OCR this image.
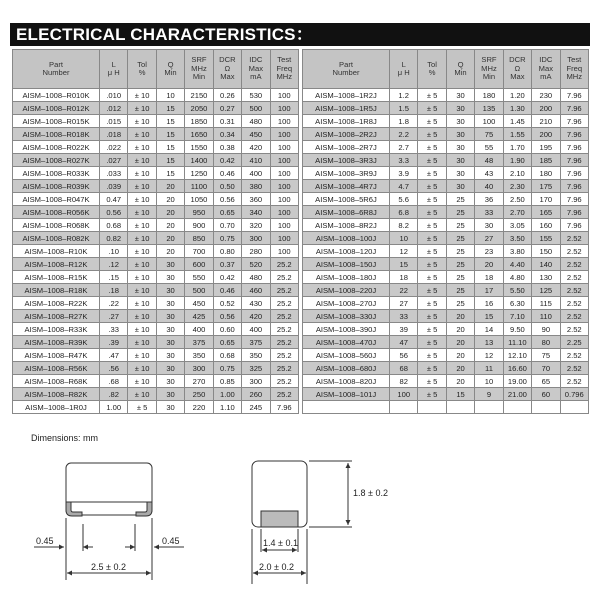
ELECTRICAL CHARACTERISTICS：
Part
Number	L
μ H	Tol
%	Q
Min	SRF
MHz
Min	DCR
Ω
Max	IDC
Max
mA	Test
Freq
MHz
AISM–1008–R010K	.010	± 10	10	2150	0.26	530	100
AISM–1008–R012K	.012	± 10	15	2050	0.27	500	100
AISM–1008–R015K	.015	± 10	15	1850	0.31	480	100
AISM–1008–R018K	.018	± 10	15	1650	0.34	450	100
AISM–1008–R022K	.022	± 10	15	1550	0.38	420	100
AISM–1008–R027K	.027	± 10	15	1400	0.42	410	100
AISM–1008–R033K	.033	± 10	15	1250	0.46	400	100
AISM–1008–R039K	.039	± 10	20	1100	0.50	380	100
AISM–1008–R047K	0.47	± 10	20	1050	0.56	360	100
AISM–1008–R056K	0.56	± 10	20	950	0.65	340	100
AISM–1008–R068K	0.68	± 10	20	900	0.70	320	100
AISM–1008–R082K	0.82	± 10	20	850	0.75	300	100
AISM–1008–R10K	.10	± 10	20	700	0.80	280	100
AISM–1008–R12K	.12	± 10	30	600	0.37	520	25.2
AISM–1008–R15K	.15	± 10	30	550	0.42	480	25.2
AISM–1008–R18K	.18	± 10	30	500	0.46	460	25.2
AISM–1008–R22K	.22	± 10	30	450	0.52	430	25.2
AISM–1008–R27K	.27	± 10	30	425	0.56	420	25.2
AISM–1008–R33K	.33	± 10	30	400	0.60	400	25.2
AISM–1008–R39K	.39	± 10	30	375	0.65	375	25.2
AISM–1008–R47K	.47	± 10	30	350	0.68	350	25.2
AISM–1008–R56K	.56	± 10	30	300	0.75	325	25.2
AISM–1008–R68K	.68	± 10	30	270	0.85	300	25.2
AISM–1008–R82K	.82	± 10	30	250	1.00	260	25.2
AISM–1008–1R0J	1.00	± 5	30	220	1.10	245	7.96
Part
Number	L
μ H	Tol
%	Q
Min	SRF
MHz
Min	DCR
Ω
Max	IDC
Max
mA	Test
Freq
MHz
AISM–1008–1R2J	1.2	± 5	30	180	1.20	230	7.96
AISM–1008–1R5J	1.5	± 5	30	135	1.30	200	7.96
AISM–1008–1R8J	1.8	± 5	30	100	1.45	210	7.96
AISM–1008–2R2J	2.2	± 5	30	75	1.55	200	7.96
AISM–1008–2R7J	2.7	± 5	30	55	1.70	195	7.96
AISM–1008–3R3J	3.3	± 5	30	48	1.90	185	7.96
AISM–1008–3R9J	3.9	± 5	30	43	2.10	180	7.96
AISM–1008–4R7J	4.7	± 5	30	40	2.30	175	7.96
AISM–1008–5R6J	5.6	± 5	25	36	2.50	170	7.96
AISM–1008–6R8J	6.8	± 5	25	33	2.70	165	7.96
AISM–1008–8R2J	8.2	± 5	25	30	3.05	160	7.96
AISM–1008–100J	10	± 5	25	27	3.50	155	2.52
AISM–1008–120J	12	± 5	25	23	3.80	150	2.52
AISM–1008–150J	15	± 5	25	20	4.40	140	2.52
AISM–1008–180J	18	± 5	25	18	4.80	130	2.52
AISM–1008–220J	22	± 5	25	17	5.50	125	2.52
AISM–1008–270J	27	± 5	25	16	6.30	115	2.52
AISM–1008–330J	33	± 5	20	15	7.10	110	2.52
AISM–1008–390J	39	± 5	20	14	9.50	90	2.52
AISM–1008–470J	47	± 5	20	13	11.10	80	2.25
AISM–1008–560J	56	± 5	20	12	12.10	75	2.52
AISM–1008–680J	68	± 5	20	11	16.60	70	2.52
AISM–1008–820J	82	± 5	20	10	19.00	65	2.52
AISM–1008–101J	100	± 5	15	9	21.00	60	0.796

Dimensions: mm
0.45	0.45
2.5 ± 0.2
1.8 ± 0.2
1.4 ± 0.1
2.0 ± 0.2
